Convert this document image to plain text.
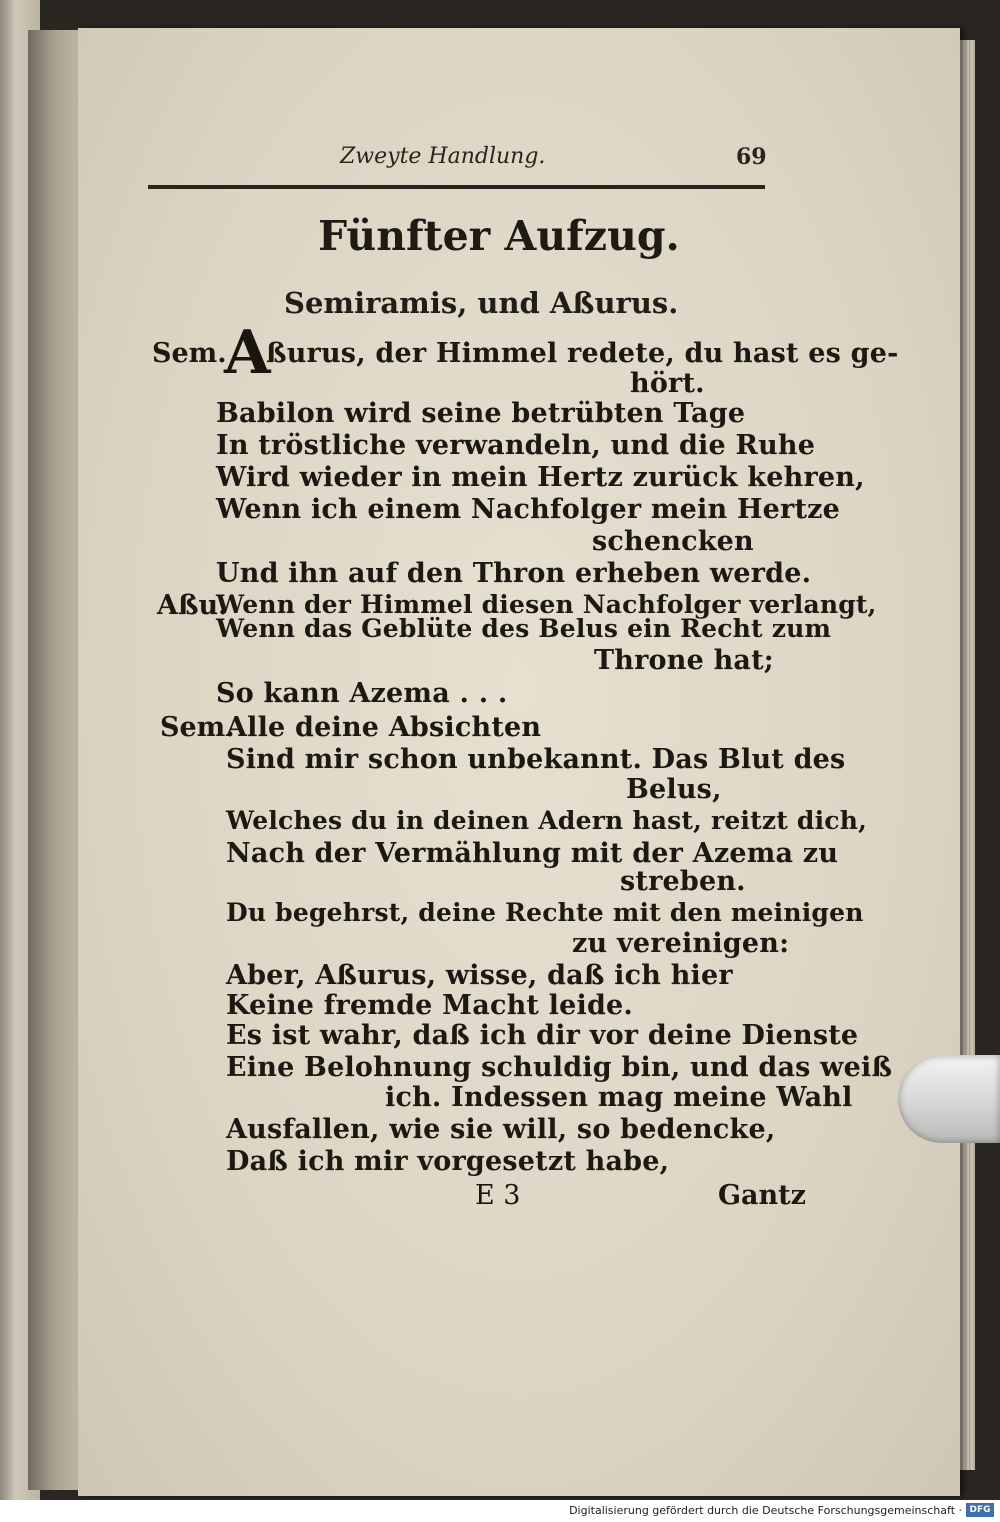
Zweyte Handlung.	69
Fünfter Aufzug.
Semiramis, und Aßurus.
Sem.
A
ßurus, der Himmel redete, du hast es ge-
hört.
Babilon wird seine betrübten Tage
In tröstliche verwandeln, und die Ruhe
Wird wieder in mein Hertz zurück kehren,
Wenn ich einem Nachfolger mein Hertze
schencken
Und ihn auf den Thron erheben werde.
Aßu.
Wenn der Himmel diesen Nachfolger verlangt,
Wenn das Geblüte des Belus ein Recht zum
Throne hat;
So kann Azema . . .
Sem.
Alle deine Absichten
Sind mir schon unbekannt. Das Blut des
Belus,
Welches du in deinen Adern hast, reitzt dich,
Nach der Vermählung mit der Azema zu
streben.
Du begehrst, deine Rechte mit den meinigen
zu vereinigen:
Aber, Aßurus, wisse, daß ich hier
Keine fremde Macht leide.
Es ist wahr, daß ich dir vor deine Dienste
Eine Belohnung schuldig bin, und das weiß
ich. Indessen mag meine Wahl
Ausfallen, wie sie will, so bedencke,
Daß ich mir vorgesetzt habe,
E 3	Gantz
Digitalisierung gefördert durch die Deutsche Forschungsgemeinschaft · DFG
